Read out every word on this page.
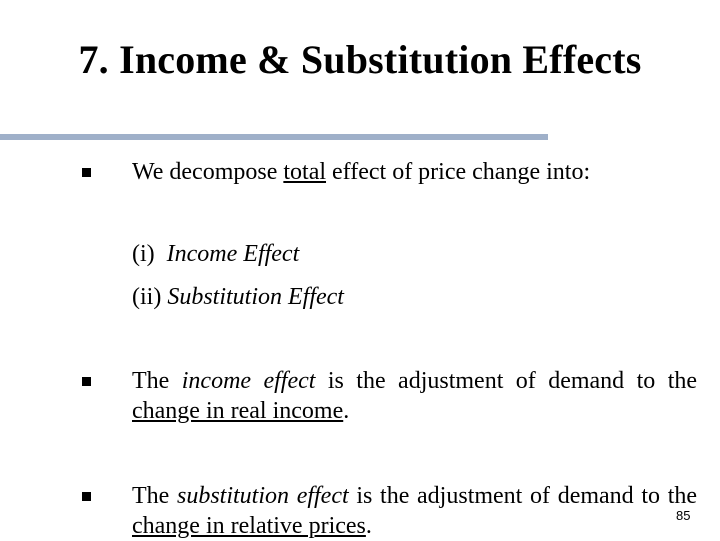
7. Income & Substitution Effects
We decompose total effect of price change into:
(i)  Income Effect
(ii) Substitution Effect
The income effect is the adjustment of demand to the change in real income.
The substitution effect is the adjustment of demand to the change in relative prices.	85
